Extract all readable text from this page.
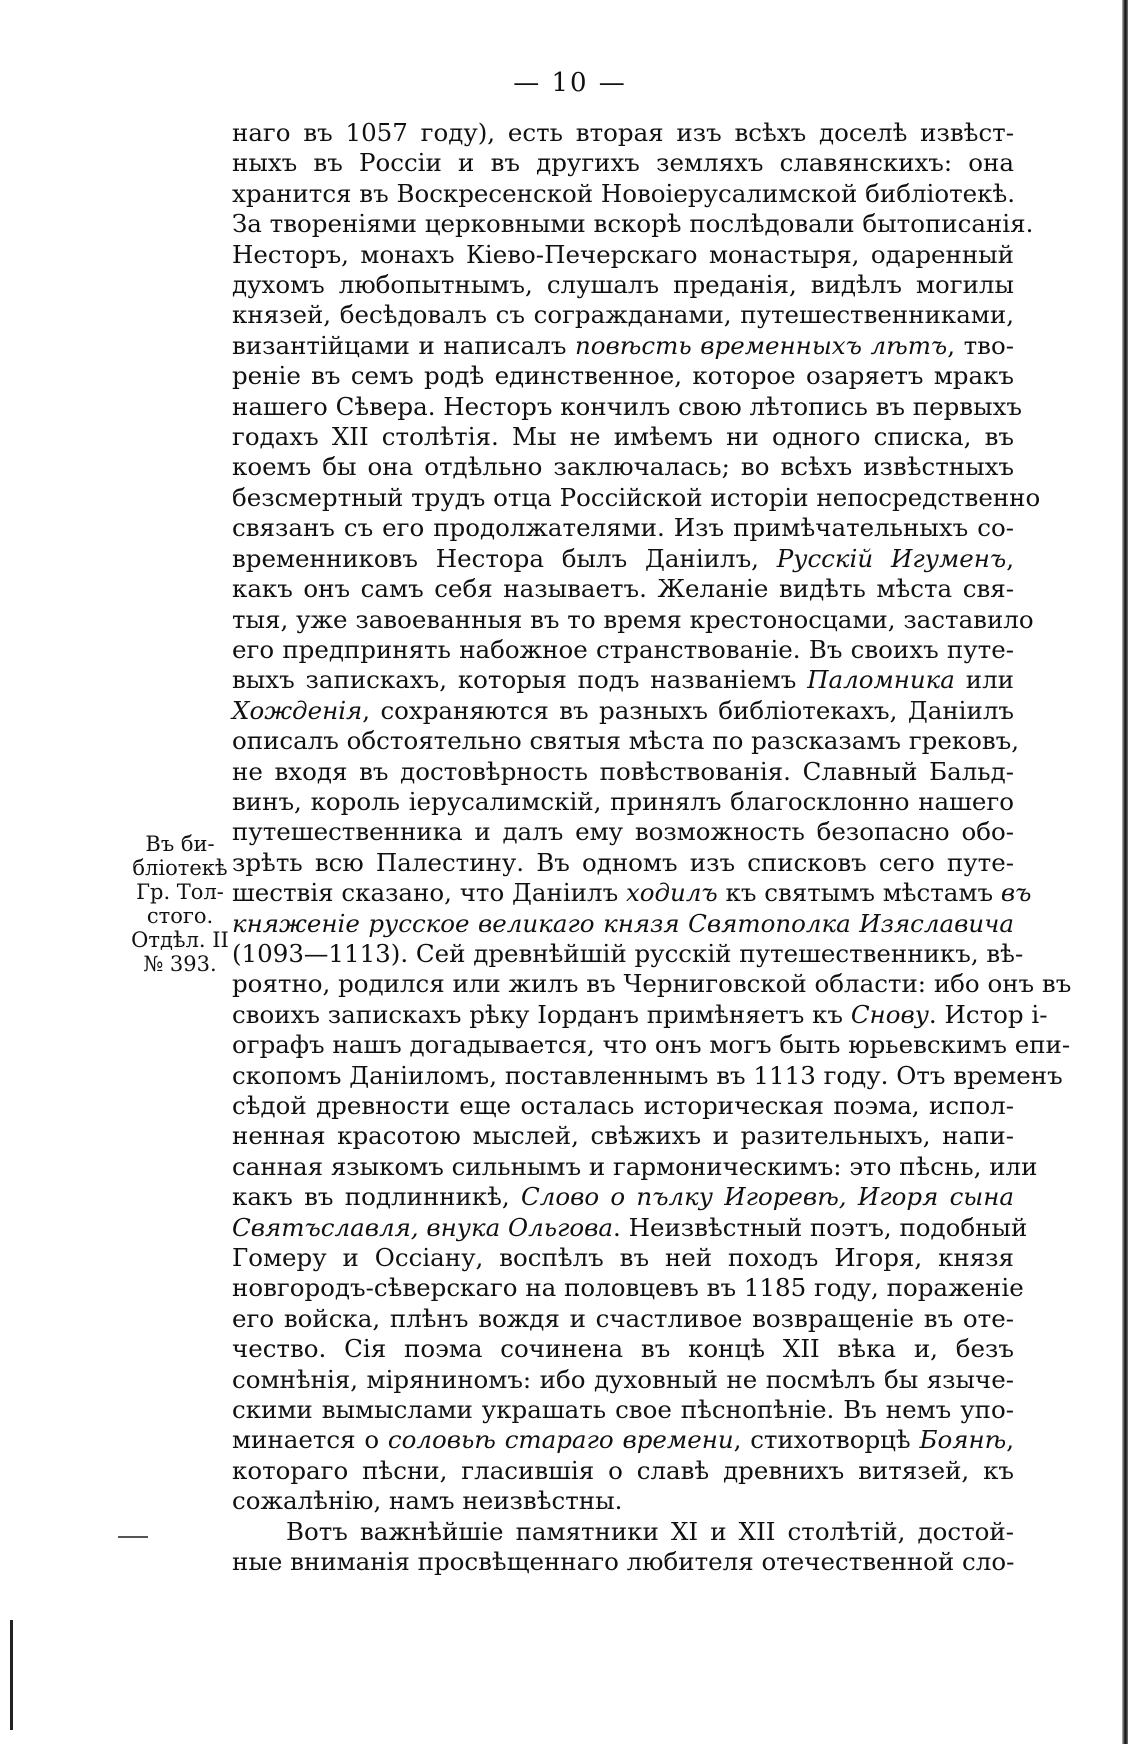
— 10 —
Въ би-
бліотекѣ
Гр. Тол-
стого.
Отдѣл. II
№ 393.
наго въ 1057 году), есть вторая изъ всѣхъ доселѣ извѣст-
ныхъ въ Россіи и въ другихъ земляхъ славянскихъ: она
хранится въ Воскресенской Новоіерусалимской библіотекѣ.
За твореніями церковными вскорѣ послѣдовали бытописанія.
Несторъ, монахъ Кіево-Печерскаго монастыря, одаренный
духомъ любопытнымъ, слушалъ преданія, видѣлъ могилы
князей, бесѣдовалъ съ согражданами, путешественниками,
византійцами и написалъ повѣсть временныхъ лѣтъ, тво-
реніе въ семъ родѣ единственное, которое озаряетъ мракъ
нашего Сѣвера. Несторъ кончилъ свою лѣтопись въ первыхъ
годахъ XII столѣтія. Мы не имѣемъ ни одного списка, въ
коемъ бы она отдѣльно заключалась; во всѣхъ извѣстныхъ
безсмертный трудъ отца Россійской исторіи непосредственно
связанъ съ его продолжателями. Изъ примѣчательныхъ со-
временниковъ Нестора былъ Даніилъ, Русскій Игуменъ,
какъ онъ самъ себя называетъ. Желаніе видѣть мѣста свя-
тыя, уже завоеванныя въ то время крестоносцами, заставило
его предпринять набожное странствованіе. Въ своихъ путе-
выхъ запискахъ, которыя подъ названіемъ Паломника или
Хожденія, сохраняются въ разныхъ библіотекахъ, Даніилъ
описалъ обстоятельно святыя мѣста по разсказамъ грековъ,
не входя въ достовѣрность повѣствованія. Славный Бальд-
винъ, король іерусалимскій, принялъ благосклонно нашего
путешественника и далъ ему возможность безопасно обо-
зрѣть всю Палестину. Въ одномъ изъ списковъ сего путе-
шествія сказано, что Даніилъ ходилъ къ святымъ мѣстамъ въ
княженіе русское великаго князя Святополка Изяславича
(1093—1113). Сей древнѣйшій русскій путешественникъ, вѣ-
роятно, родился или жилъ въ Черниговской области: ибо онъ въ
своихъ запискахъ рѣку Іорданъ примѣняетъ къ Снову. Истор і-
ографъ нашъ догадывается, что онъ могъ быть юрьевскимъ епи-
скопомъ Даніиломъ, поставленнымъ въ 1113 году. Отъ временъ
сѣдой древности еще осталась историческая поэма, испол-
ненная красотою мыслей, свѣжихъ и разительныхъ, напи-
санная языкомъ сильнымъ и гармоническимъ: это пѣснь, или
какъ въ подлинникѣ, Слово о пълку Игоревѣ, Игоря сына
Святъславля, внука Ольгова. Неизвѣстный поэтъ, подобный
Гомеру и Оссіану, воспѣлъ въ ней походъ Игоря, князя
новгородъ-сѣверскаго на половцевъ въ 1185 году, пораженіе
его войска, плѣнъ вождя и счастливое возвращеніе въ оте-
чество. Сія поэма сочинена въ концѣ XII вѣка и, безъ
сомнѣнія, міряниномъ: ибо духовный не посмѣлъ бы языче-
скими вымыслами украшать свое пѣснопѣніе. Въ немъ упо-
минается о соловьѣ стараго времени, стихотворцѣ Боянѣ,
котораго пѣсни, гласившія о славѣ древнихъ витязей, къ
сожалѣнію, намъ неизвѣстны.
Вотъ важнѣйшіе памятники XI и XII столѣтій, достой-
ные вниманія просвѣщеннаго любителя отечественной сло-
